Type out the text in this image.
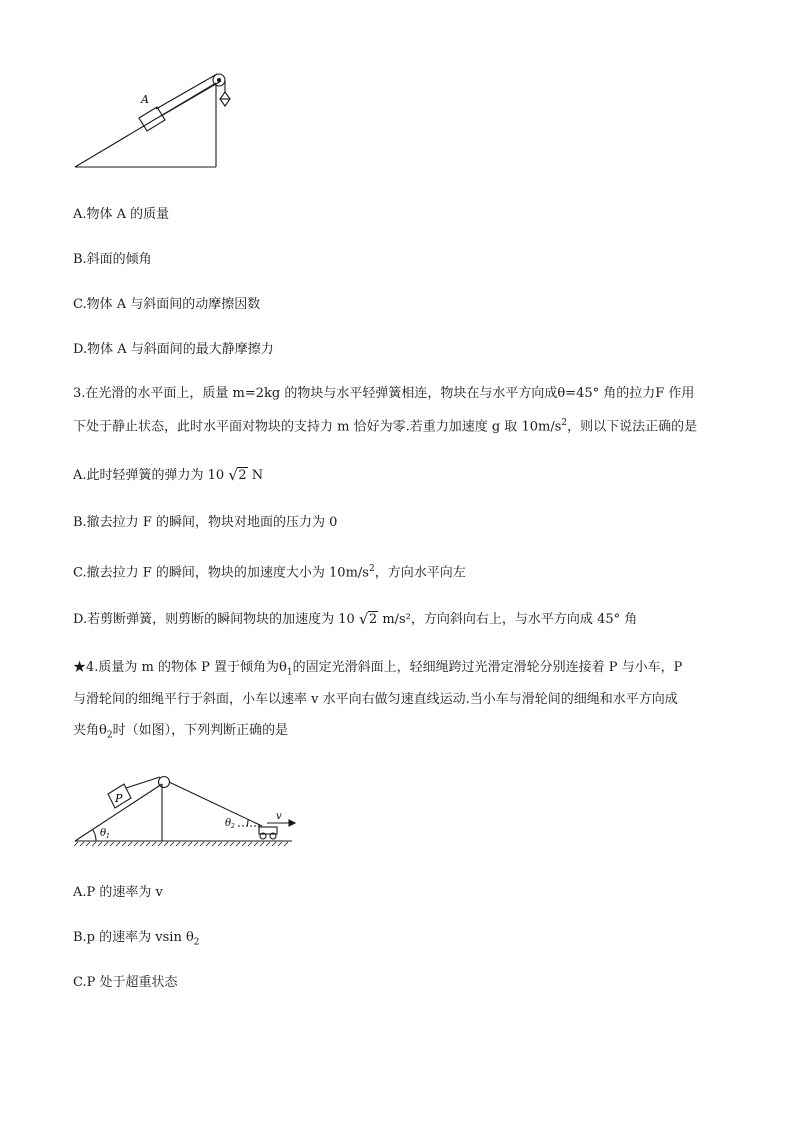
A
A.物体 A 的质量
B.斜面的倾角
C.物体 A 与斜面间的动摩擦因数
D.物体 A 与斜面间的最大静摩擦力
3.在光滑的水平面上，质量 m=2kg 的物块与水平轻弹簧相连，物块在与水平方向成θ=45° 角的拉力F 作用
下处于静止状态，此时水平面对物块的支持力 m 恰好为零.若重力加速度 g 取 $10m/s^2$，则以下说法正确的是
A.此时轻弹簧的弹力为 10 √ 2 N
B.撤去拉力 F 的瞬间，物块对地面的压力为 0
C.撤去拉力 F 的瞬间，物块的加速度大小为 $10m/s^2$，方向水平向左
D.若剪断弹簧，则剪断的瞬间物块的加速度为 10 √ 2 m/s²，方向斜向右上，与水平方向成 45° 角
★4.质量为 m 的物体 P 置于倾角为$\theta_1$的固定光滑斜面上，轻细绳跨过光滑定滑轮分别连接着 P 与小车，P
与滑轮间的细绳平行于斜面，小车以速率 v 水平向右做匀速直线运动.当小车与滑轮间的细绳和水平方向成
夹角$\theta_2$时（如图），下列判断正确的是
P
$\theta_1$
$\theta_2$
v
A.P 的速率为 v
B.p 的速率为 vsin $\theta_2$
C.P 处于超重状态
